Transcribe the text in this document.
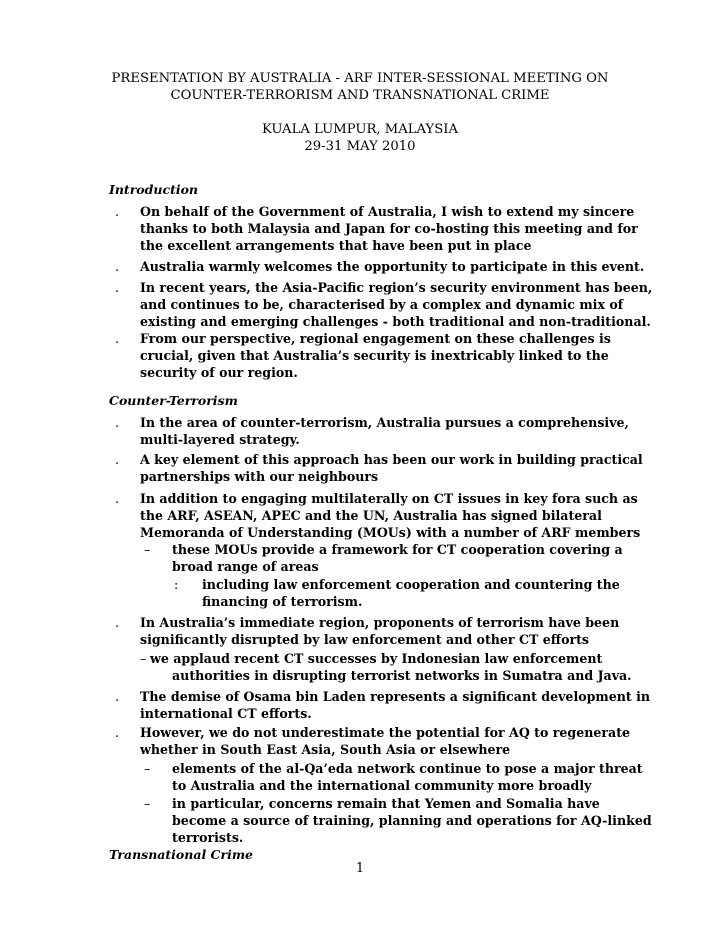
PRESENTATION BY AUSTRALIA - ARF INTER-SESSIONAL MEETING ON
COUNTER-TERRORISM AND TRANSNATIONAL CRIME
KUALA LUMPUR, MALAYSIA
29-31 MAY 2010
Introduction
. On behalf of the Government of Australia, I wish to extend my sincere
thanks to both Malaysia and Japan for co-hosting this meeting and for
the excellent arrangements that have been put in place
. Australia warmly welcomes the opportunity to participate in this event.
. In recent years, the Asia-Pacific region’s security environment has been,
and continues to be, characterised by a complex and dynamic mix of
existing and emerging challenges - both traditional and non-traditional.
. From our perspective, regional engagement on these challenges is
crucial, given that Australia’s security is inextricably linked to the
security of our region.
Counter-Terrorism
. In the area of counter-terrorism, Australia pursues a comprehensive,
multi-layered strategy.
. A key element of this approach has been our work in building practical
partnerships with our neighbours
. In addition to engaging multilaterally on CT issues in key fora such as
the ARF, ASEAN, APEC and the UN, Australia has signed bilateral
Memoranda of Understanding (MOUs) with a number of ARF members
– these MOUs provide a framework for CT cooperation covering a
broad range of areas
: including law enforcement cooperation and countering the
financing of terrorism.
. In Australia’s immediate region, proponents of terrorism have been
significantly disrupted by law enforcement and other CT efforts
– we applaud recent CT successes by Indonesian law enforcement
authorities in disrupting terrorist networks in Sumatra and Java.
. The demise of Osama bin Laden represents a significant development in
international CT efforts.
. However, we do not underestimate the potential for AQ to regenerate
whether in South East Asia, South Asia or elsewhere
– elements of the al-Qa’eda network continue to pose a major threat
to Australia and the international community more broadly
– in particular, concerns remain that Yemen and Somalia have
become a source of training, planning and operations for AQ-linked
terrorists.
Transnational Crime
1
